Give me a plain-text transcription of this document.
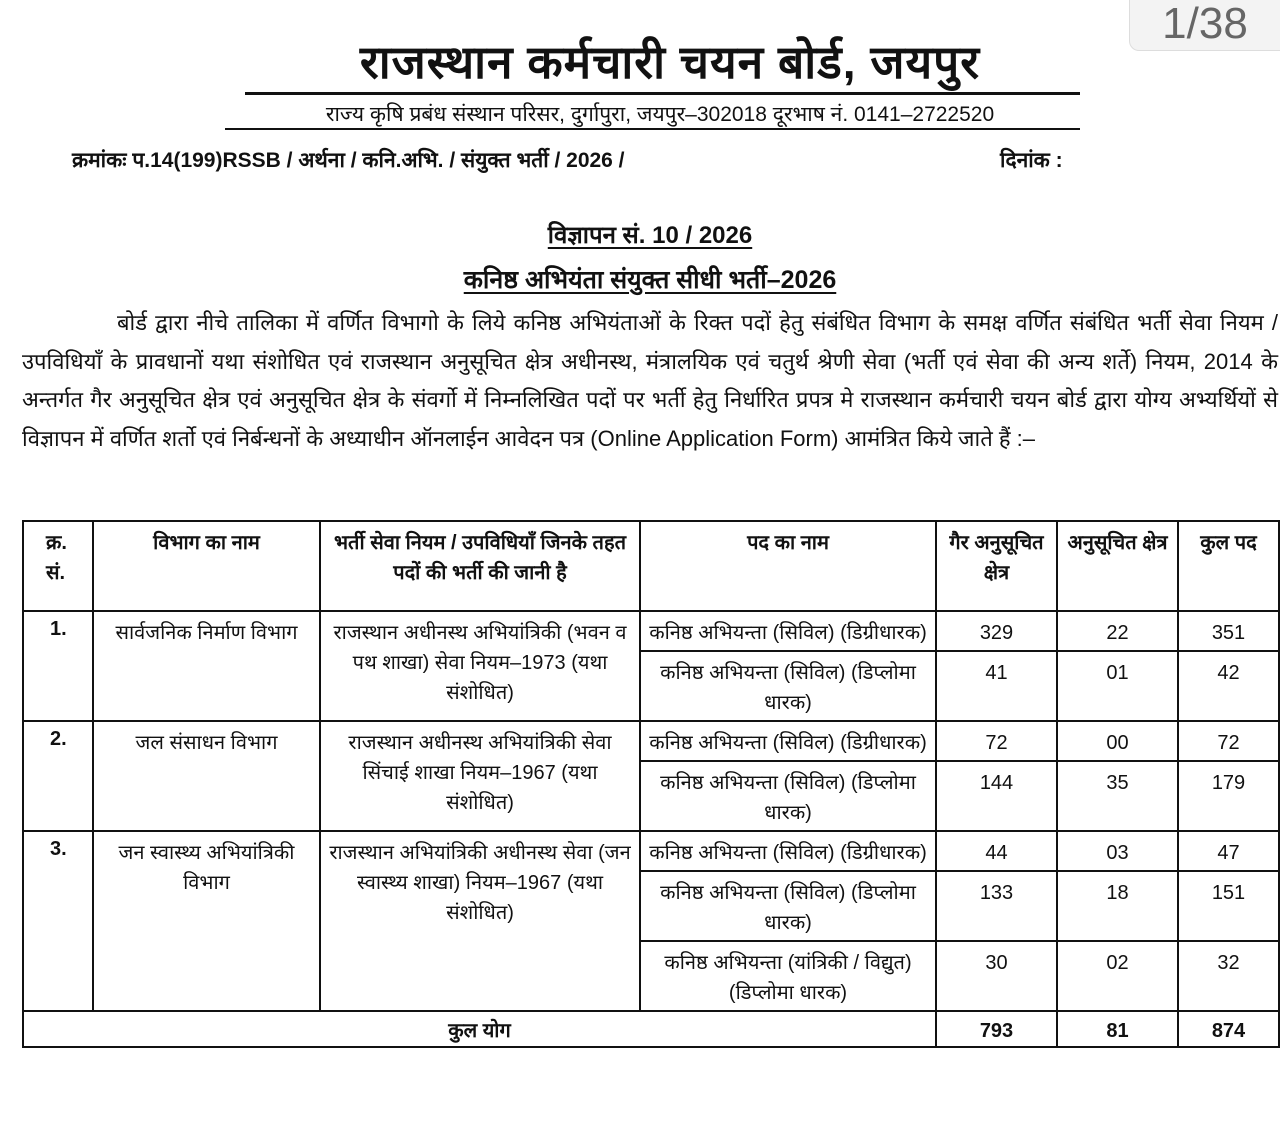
1/38
राजस्थान कर्मचारी चयन बोर्ड, जयपुर
राज्य कृषि प्रबंध संस्थान परिसर, दुर्गापुरा, जयपुर–302018 दूरभाष नं. 0141–2722520
क्रमांकः प.14(199)RSSB / अर्थना / कनि.अभि. / संयुक्त भर्ती / 2026 /	दिनांक :
विज्ञापन सं. 10 / 2026
कनिष्ठ अभियंता संयुक्त सीधी भर्ती–2026
बोर्ड द्वारा नीचे तालिका में वर्णित विभागो के लिये कनिष्ठ अभियंताओं के रिक्त पदों हेतु संबंधित विभाग के समक्ष वर्णित संबंधित भर्ती सेवा नियम / उपविधियॉं के प्रावधानों यथा संशोधित एवं राजस्थान अनुसूचित क्षेत्र अधीनस्थ, मंत्रालयिक एवं चतुर्थ श्रेणी सेवा (भर्ती एवं सेवा की अन्य शर्ते) नियम, 2014 के अन्तर्गत गैर अनुसूचित क्षेत्र एवं अनुसूचित क्षेत्र के संवर्गो में निम्नलिखित पदों पर भर्ती हेतु निर्धारित प्रपत्र मे राजस्थान कर्मचारी चयन बोर्ड द्वारा योग्य अभ्यर्थियों से विज्ञापन में वर्णित शर्तो एवं निर्बन्धनों के अध्याधीन ऑनलाईन आवेदन पत्र (Online Application Form) आमंत्रित किये जाते हैं :–
क्र. सं.	विभाग का नाम	भर्ती सेवा नियम / उपविधियॉं जिनके तहत पदों की भर्ती की जानी है	पद का नाम	गैर अनुसूचित क्षेत्र	अनुसूचित क्षेत्र	कुल पद
1.	सार्वजनिक निर्माण विभाग	राजस्थान अधीनस्थ अभियांत्रिकी (भवन व पथ शाखा) सेवा नियम–1973 (यथा संशोधित)	कनिष्ठ अभियन्ता (सिविल) (डिग्रीधारक)	329	22	351
			कनिष्ठ अभियन्ता (सिविल) (डिप्लोमा धारक)	41	01	42
2.	जल संसाधन विभाग	राजस्थान अधीनस्थ अभियांत्रिकी सेवा सिंचाई शाखा नियम–1967 (यथा संशोधित)	कनिष्ठ अभियन्ता (सिविल) (डिग्रीधारक)	72	00	72
			कनिष्ठ अभियन्ता (सिविल) (डिप्लोमा धारक)	144	35	179
3.	जन स्वास्थ्य अभियांत्रिकी विभाग	राजस्थान अभियांत्रिकी अधीनस्थ सेवा (जन स्वास्थ्य शाखा) नियम–1967 (यथा संशोधित)	कनिष्ठ अभियन्ता (सिविल) (डिग्रीधारक)	44	03	47
			कनिष्ठ अभियन्ता (सिविल) (डिप्लोमा धारक)	133	18	151
			कनिष्ठ अभियन्ता (यांत्रिकी / विद्युत) (डिप्लोमा धारक)	30	02	32
कुल योग				793	81	874
